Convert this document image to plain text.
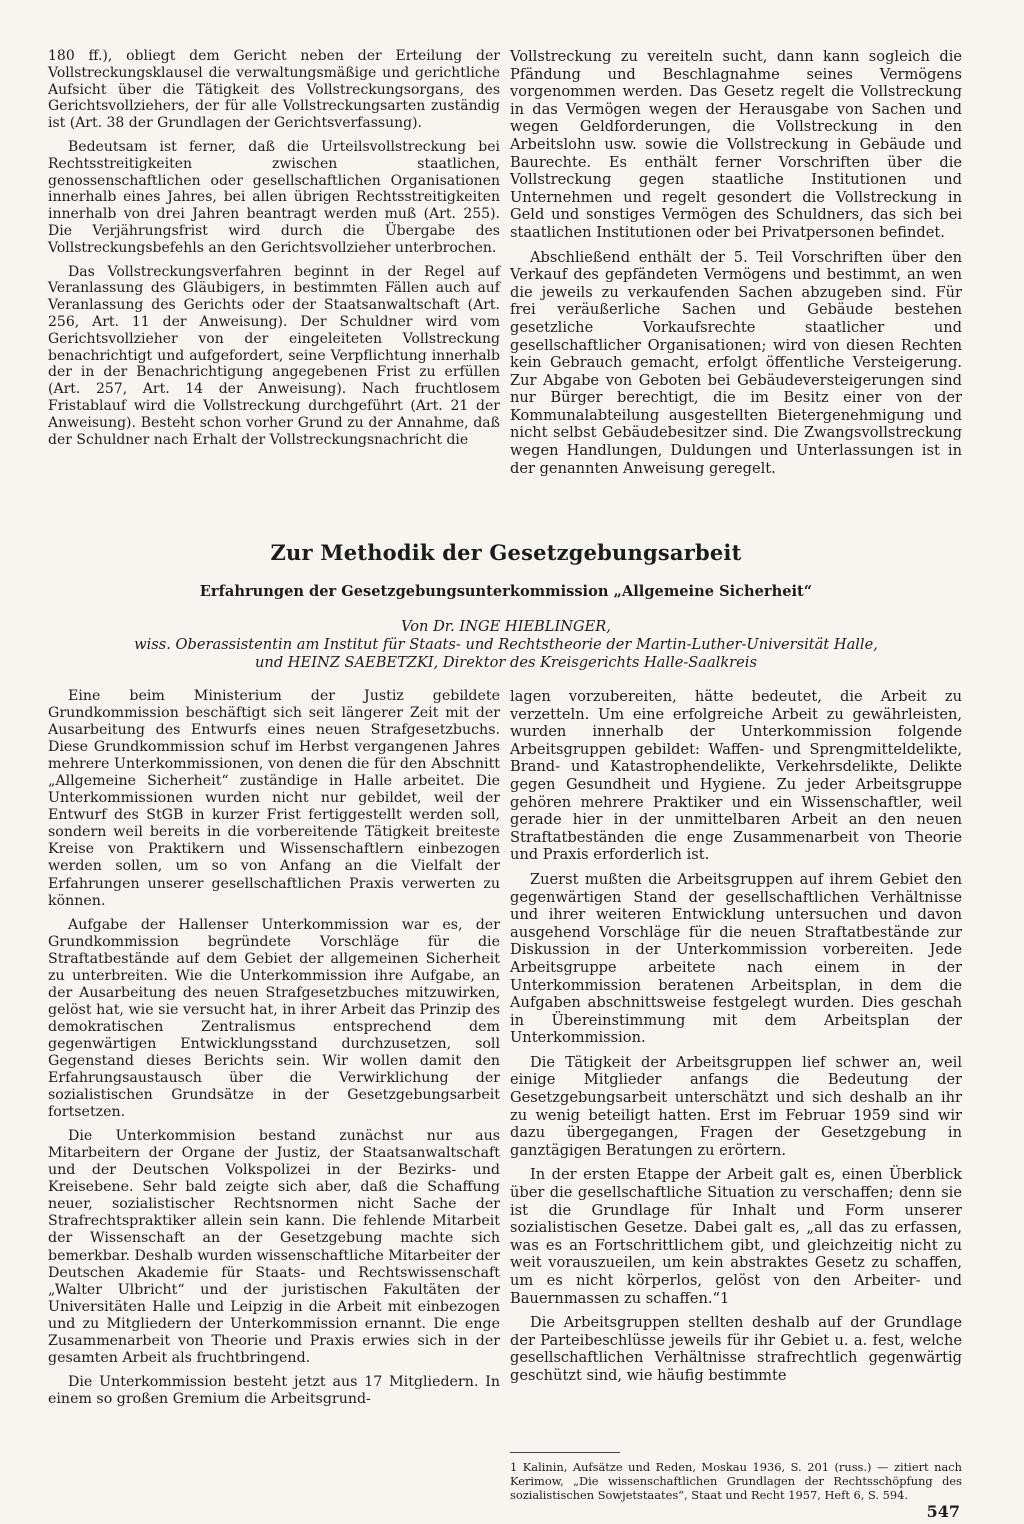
180 ff.), obliegt dem Gericht neben der Erteilung der Vollstreckungsklausel die verwaltungsmäßige und gerichtliche Aufsicht über die Tätigkeit des Vollstreckungsorgans, des Gerichtsvollziehers, der für alle Vollstreckungsarten zuständig ist (Art. 38 der Grundlagen der Gerichtsverfassung).

Bedeutsam ist ferner, daß die Urteilsvollstreckung bei Rechtsstreitigkeiten zwischen staatlichen, genossenschaftlichen oder gesellschaftlichen Organisationen innerhalb eines Jahres, bei allen übrigen Rechtsstreitigkeiten innerhalb von drei Jahren beantragt werden muß (Art. 255). Die Verjährungsfrist wird durch die Übergabe des Vollstreckungsbefehls an den Gerichtsvollzieher unterbrochen.

Das Vollstreckungsverfahren beginnt in der Regel auf Veranlassung des Gläubigers, in bestimmten Fällen auch auf Veranlassung des Gerichts oder der Staatsanwaltschaft (Art. 256, Art. 11 der Anweisung). Der Schuldner wird vom Gerichtsvollzieher von der eingeleiteten Vollstreckung benachrichtigt und aufgefordert, seine Verpflichtung innerhalb der in der Benachrichtigung angegebenen Frist zu erfüllen (Art. 257, Art. 14 der Anweisung). Nach fruchtlosem Fristablauf wird die Vollstreckung durchgeführt (Art. 21 der Anweisung). Besteht schon vorher Grund zu der Annahme, daß der Schuldner nach Erhalt der Vollstreckungsnachricht die

Vollstreckung zu vereiteln sucht, dann kann sogleich die Pfändung und Beschlagnahme seines Vermögens vorgenommen werden. Das Gesetz regelt die Vollstreckung in das Vermögen wegen der Herausgabe von Sachen und wegen Geldforderungen, die Vollstreckung in den Arbeitslohn usw. sowie die Vollstreckung in Gebäude und Baurechte. Es enthält ferner Vorschriften über die Vollstreckung gegen staatliche Institutionen und Unternehmen und regelt gesondert die Vollstreckung in Geld und sonstiges Vermögen des Schuldners, das sich bei staatlichen Institutionen oder bei Privatpersonen befindet.

Abschließend enthält der 5. Teil Vorschriften über den Verkauf des gepfändeten Vermögens und bestimmt, an wen die jeweils zu verkaufenden Sachen abzugeben sind. Für frei veräußerliche Sachen und Gebäude bestehen gesetzliche Vorkaufsrechte staatlicher und gesellschaftlicher Organisationen; wird von diesen Rechten kein Gebrauch gemacht, erfolgt öffentliche Versteigerung. Zur Abgabe von Geboten bei Gebäudeversteigerungen sind nur Bürger berechtigt, die im Besitz einer von der Kommunalabteilung ausgestellten Bietergenehmigung und nicht selbst Gebäudebesitzer sind. Die Zwangsvollstreckung wegen Handlungen, Duldungen und Unterlassungen ist in der genannten Anweisung geregelt.

Zur Methodik der Gesetzgebungsarbeit
Erfahrungen der Gesetzgebungsunterkommission „Allgemeine Sicherheit“
Von Dr. INGE HIEBLINGER,
wiss. Oberassistentin am Institut für Staats- und Rechtstheorie der Martin-Luther-Universität Halle,
und HEINZ SAEBETZKI, Direktor des Kreisgerichts Halle-Saalkreis

Eine beim Ministerium der Justiz gebildete Grundkommission beschäftigt sich seit längerer Zeit mit der Ausarbeitung des Entwurfs eines neuen Strafgesetzbuchs. Diese Grundkommission schuf im Herbst vergangenen Jahres mehrere Unterkommissionen, von denen die für den Abschnitt „Allgemeine Sicherheit“ zuständige in Halle arbeitet. Die Unterkommissionen wurden nicht nur gebildet, weil der Entwurf des StGB in kurzer Frist fertiggestellt werden soll, sondern weil bereits in die vorbereitende Tätigkeit breiteste Kreise von Praktikern und Wissenschaftlern einbezogen werden sollen, um so von Anfang an die Vielfalt der Erfahrungen unserer gesellschaftlichen Praxis verwerten zu können.

Aufgabe der Hallenser Unterkommission war es, der Grundkommission begründete Vorschläge für die Straftatbestände auf dem Gebiet der allgemeinen Sicherheit zu unterbreiten. Wie die Unterkommission ihre Aufgabe, an der Ausarbeitung des neuen Strafgesetzbuches mitzuwirken, gelöst hat, wie sie versucht hat, in ihrer Arbeit das Prinzip des demokratischen Zentralismus entsprechend dem gegenwärtigen Entwicklungsstand durchzusetzen, soll Gegenstand dieses Berichts sein. Wir wollen damit den Erfahrungsaustausch über die Verwirklichung der sozialistischen Grundsätze in der Gesetzgebungsarbeit fortsetzen.

Die Unterkommision bestand zunächst nur aus Mitarbeitern der Organe der Justiz, der Staatsanwaltschaft und der Deutschen Volkspolizei in der Bezirks- und Kreisebene. Sehr bald zeigte sich aber, daß die Schaffung neuer, sozialistischer Rechtsnormen nicht Sache der Strafrechtspraktiker allein sein kann. Die fehlende Mitarbeit der Wissenschaft an der Gesetzgebung machte sich bemerkbar. Deshalb wurden wissenschaftliche Mitarbeiter der Deutschen Akademie für Staats- und Rechtswissenschaft „Walter Ulbricht“ und der juristischen Fakultäten der Universitäten Halle und Leipzig in die Arbeit mit einbezogen und zu Mitgliedern der Unterkommission ernannt. Die enge Zusammenarbeit von Theorie und Praxis erwies sich in der gesamten Arbeit als fruchtbringend.

Die Unterkommission besteht jetzt aus 17 Mitgliedern. In einem so großen Gremium die Arbeitsgrund-

lagen vorzubereiten, hätte bedeutet, die Arbeit zu verzetteln. Um eine erfolgreiche Arbeit zu gewährleisten, wurden innerhalb der Unterkommission folgende Arbeitsgruppen gebildet: Waffen- und Sprengmitteldelikte, Brand- und Katastrophendelikte, Verkehrsdelikte, Delikte gegen Gesundheit und Hygiene. Zu jeder Arbeitsgruppe gehören mehrere Praktiker und ein Wissenschaftler, weil gerade hier in der unmittelbaren Arbeit an den neuen Straftatbeständen die enge Zusammenarbeit von Theorie und Praxis erforderlich ist.

Zuerst mußten die Arbeitsgruppen auf ihrem Gebiet den gegenwärtigen Stand der gesellschaftlichen Verhältnisse und ihrer weiteren Entwicklung untersuchen und davon ausgehend Vorschläge für die neuen Straftatbestände zur Diskussion in der Unterkommission vorbereiten. Jede Arbeitsgruppe arbeitete nach einem in der Unterkommission beratenen Arbeitsplan, in dem die Aufgaben abschnittsweise festgelegt wurden. Dies geschah in Übereinstimmung mit dem Arbeitsplan der Unterkommission.

Die Tätigkeit der Arbeitsgruppen lief schwer an, weil einige Mitglieder anfangs die Bedeutung der Gesetzgebungsarbeit unterschätzt und sich deshalb an ihr zu wenig beteiligt hatten. Erst im Februar 1959 sind wir dazu übergegangen, Fragen der Gesetzgebung in ganztägigen Beratungen zu erörtern.

In der ersten Etappe der Arbeit galt es, einen Überblick über die gesellschaftliche Situation zu verschaffen; denn sie ist die Grundlage für Inhalt und Form unserer sozialistischen Gesetze. Dabei galt es, „all das zu erfassen, was es an Fortschrittlichem gibt, und gleichzeitig nicht zu weit vorauszueilen, um kein abstraktes Gesetz zu schaffen, um es nicht körperlos, gelöst von den Arbeiter- und Bauernmassen zu schaffen.“1

Die Arbeitsgruppen stellten deshalb auf der Grundlage der Parteibeschlüsse jeweils für ihr Gebiet u. a. fest, welche gesellschaftlichen Verhältnisse strafrechtlich gegenwärtig geschützt sind, wie häufig bestimmte

1 Kalinin, Aufsätze und Reden, Moskau 1936, S. 201 (russ.) — zitiert nach Kerimow, „Die wissenschaftlichen Grundlagen der Rechtsschöpfung des sozialistischen Sowjetstaates“, Staat und Recht 1957, Heft 6, S. 594.
547
